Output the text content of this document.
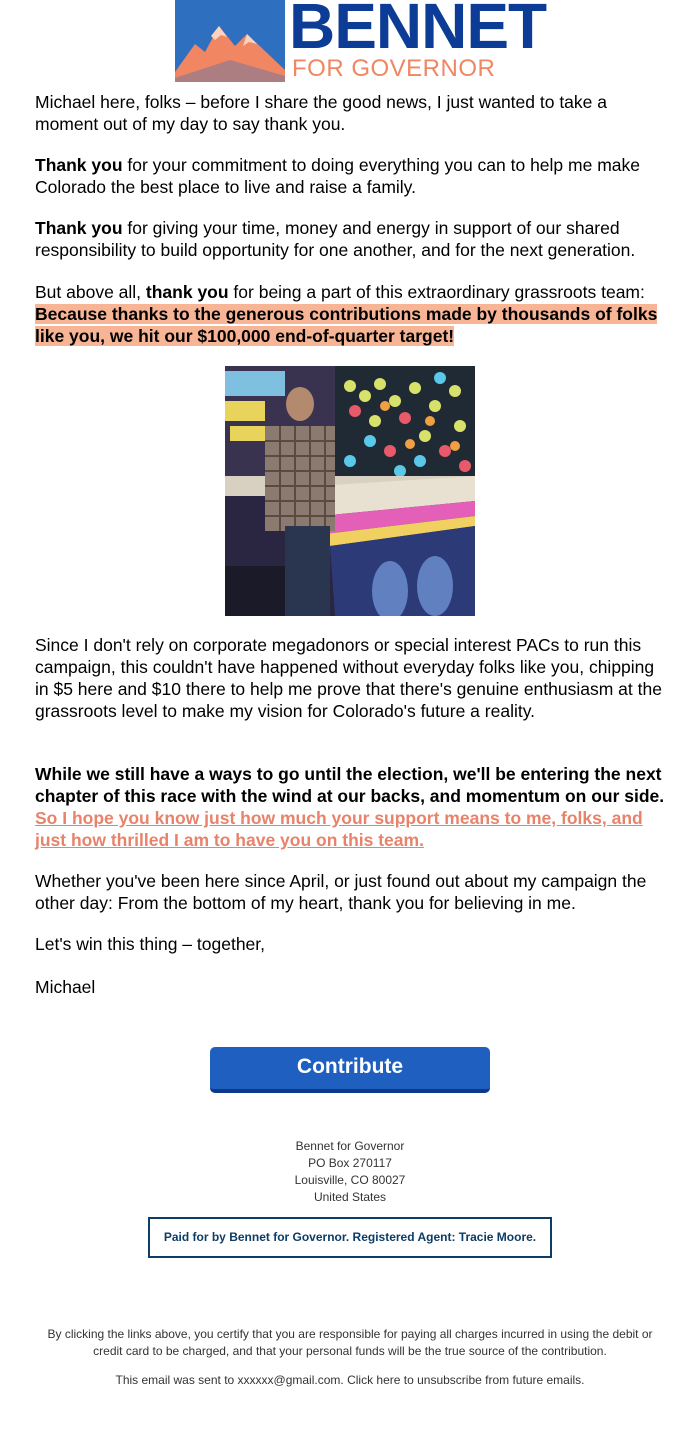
BENNET
FOR GOVERNOR

Michael here, folks – before I share the good news, I just wanted to take a moment out of my day to say thank you.

Thank you for your commitment to doing everything you can to help me make Colorado the best place to live and raise a family.

Thank you for giving your time, money and energy in support of our shared responsibility to build opportunity for one another, and for the next generation.

But above all, thank you for being a part of this extraordinary grassroots team: Because thanks to the generous contributions made by thousands of folks like you, we hit our $100,000 end-of-quarter target!

Since I don't rely on corporate megadonors or special interest PACs to run this campaign, this couldn't have happened without everyday folks like you, chipping in $5 here and $10 there to help me prove that there's genuine enthusiasm at the grassroots level to make my vision for Colorado's future a reality.

While we still have a ways to go until the election, we'll be entering the next chapter of this race with the wind at our backs, and momentum on our side. So I hope you know just how much your support means to me, folks, and just how thrilled I am to have you on this team.

Whether you've been here since April, or just found out about my campaign the other day: From the bottom of my heart, thank you for believing in me.

Let's win this thing – together,

Michael

Contribute
Bennet for Governor
PO Box 270117
Louisville, CO 80027
United States
Paid for by Bennet for Governor. Registered Agent: Tracie Moore.
By clicking the links above, you certify that you are responsible for paying all charges incurred in using the debit or credit card to be charged, and that your personal funds will be the true source of the contribution.
This email was sent to xxxxxx@gmail.com. Click here to unsubscribe from future emails.
